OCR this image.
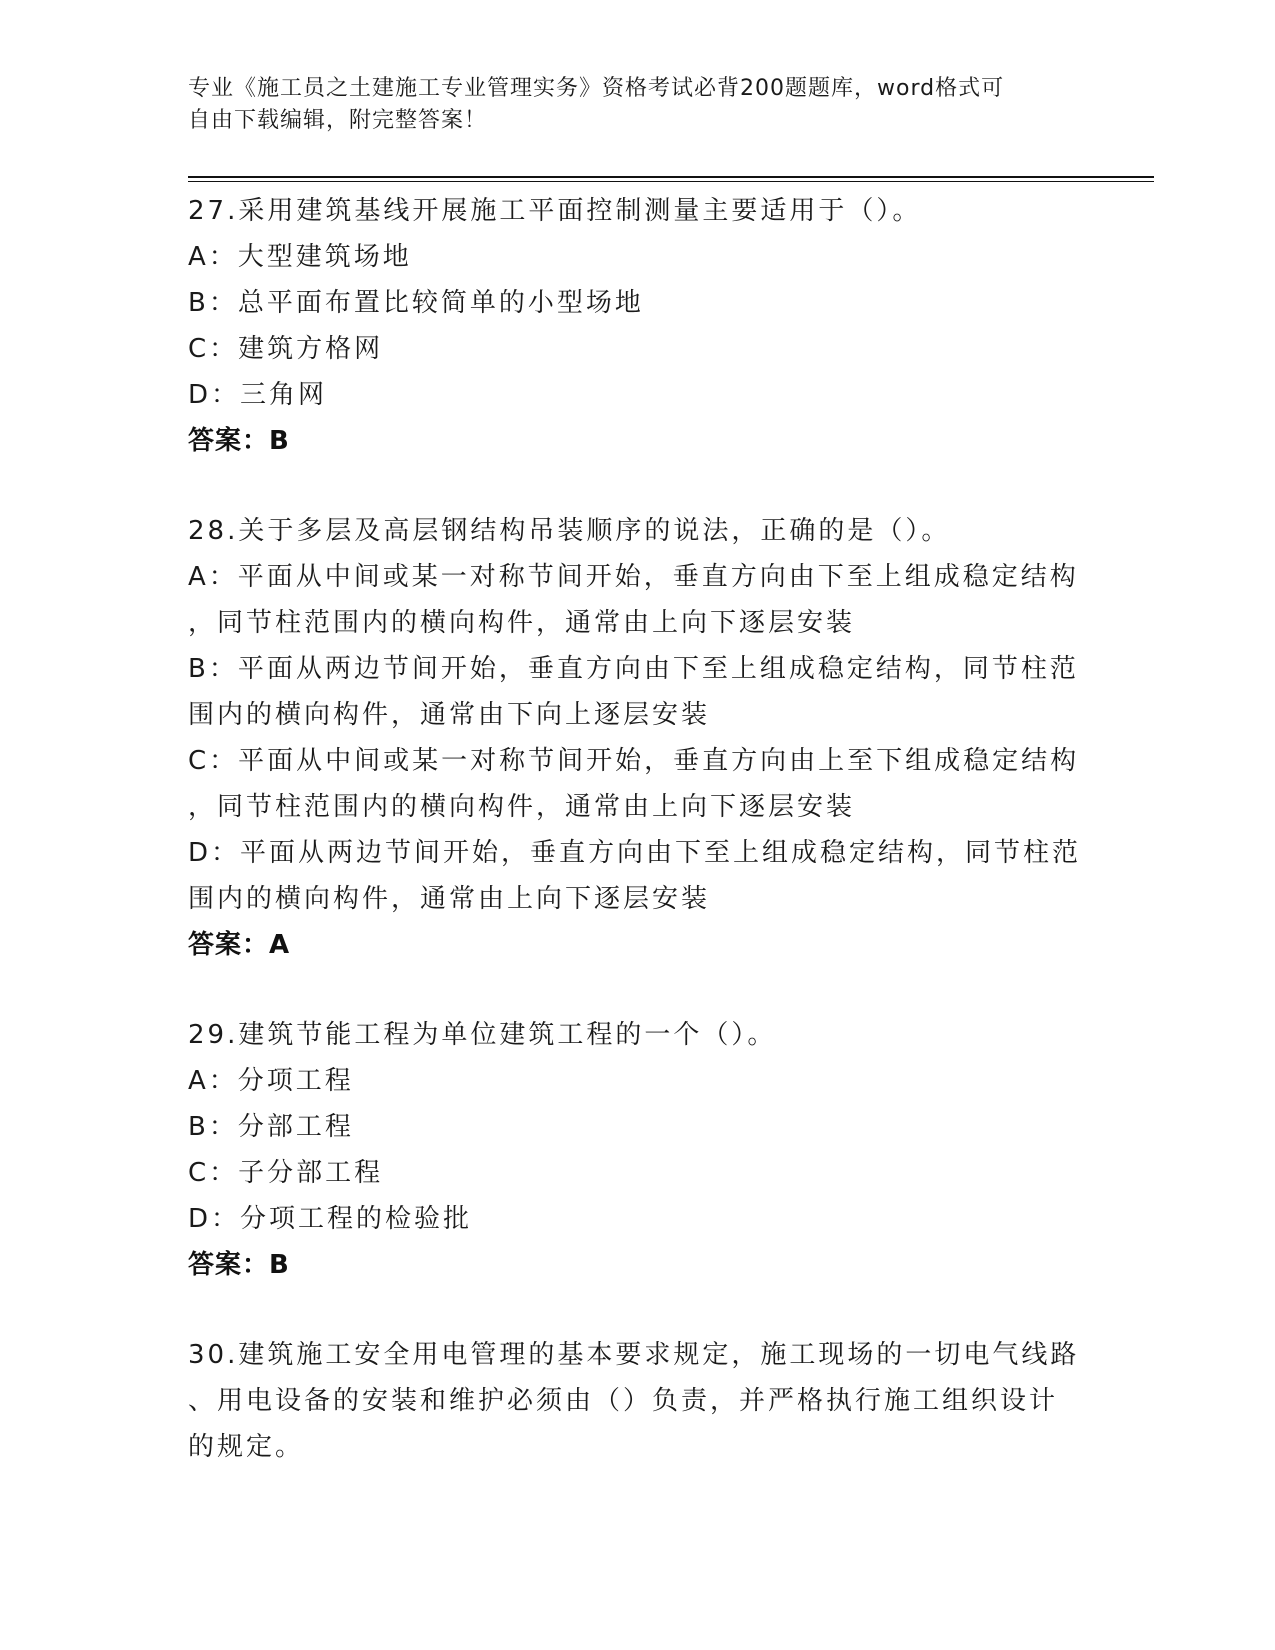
专业《施工员之土建施工专业管理实务》资格考试必背200题题库，word格式可
自由下载编辑，附完整答案！
27.采用建筑基线开展施工平面控制测量主要适用于（）。
A：大型建筑场地
B：总平面布置比较简单的小型场地
C：建筑方格网
D：三角网
答案：B
28.关于多层及高层钢结构吊装顺序的说法，正确的是（）。
A：平面从中间或某一对称节间开始，垂直方向由下至上组成稳定结构
，同节柱范围内的横向构件，通常由上向下逐层安装
B：平面从两边节间开始，垂直方向由下至上组成稳定结构，同节柱范
围内的横向构件，通常由下向上逐层安装
C：平面从中间或某一对称节间开始，垂直方向由上至下组成稳定结构
，同节柱范围内的横向构件，通常由上向下逐层安装
D：平面从两边节间开始，垂直方向由下至上组成稳定结构，同节柱范
围内的横向构件，通常由上向下逐层安装
答案：A
29.建筑节能工程为单位建筑工程的一个（）。
A：分项工程
B：分部工程
C：子分部工程
D：分项工程的检验批
答案：B
30.建筑施工安全用电管理的基本要求规定，施工现场的一切电气线路
、用电设备的安装和维护必须由（）负责，并严格执行施工组织设计
的规定。
